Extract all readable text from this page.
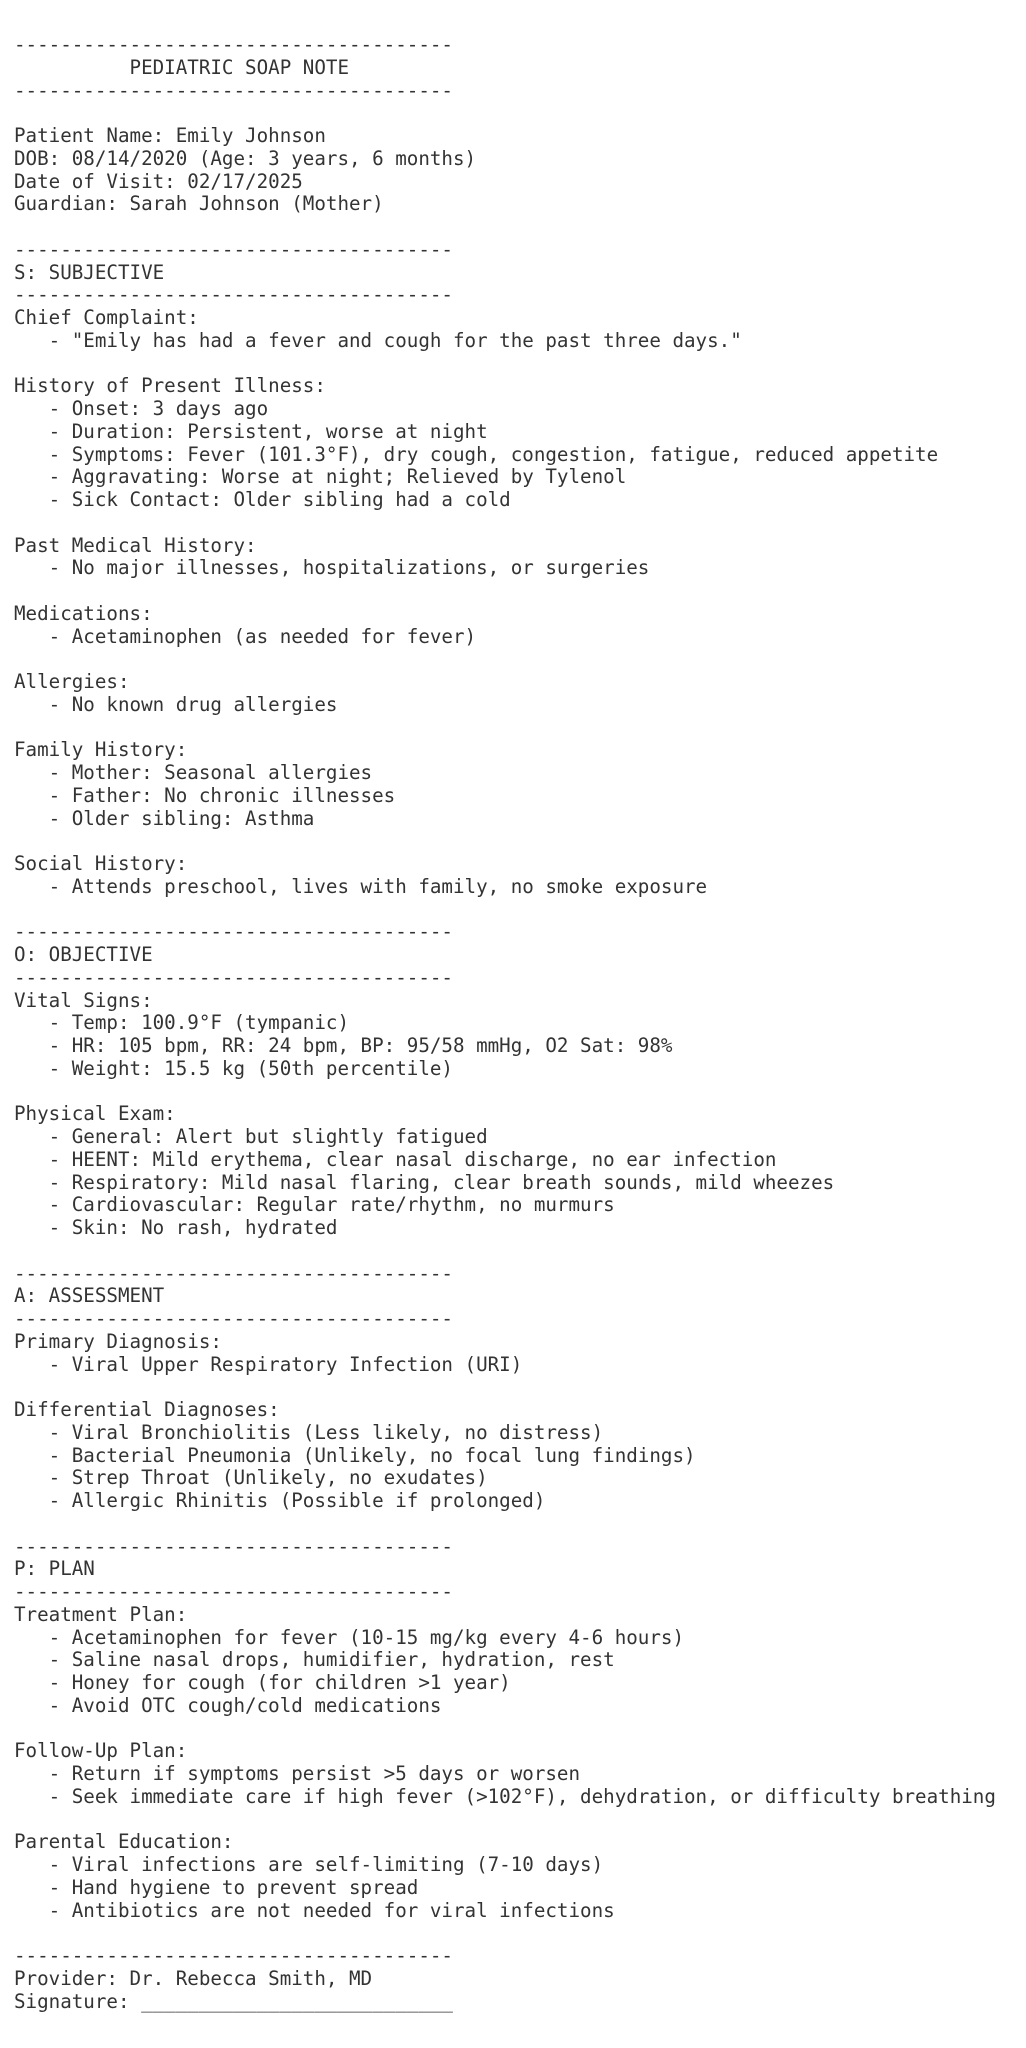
--------------------------------------
PEDIATRIC SOAP NOTE
--------------------------------------
Patient Name: Emily Johnson
DOB: 08/14/2020 (Age: 3 years, 6 months)
Date of Visit: 02/17/2025
Guardian: Sarah Johnson (Mother)
--------------------------------------
S: SUBJECTIVE
--------------------------------------
Chief Complaint:
- "Emily has had a fever and cough for the past three days."
History of Present Illness:
- Onset: 3 days ago
- Duration: Persistent, worse at night
- Symptoms: Fever (101.3°F), dry cough, congestion, fatigue, reduced appetite
- Aggravating: Worse at night; Relieved by Tylenol
- Sick Contact: Older sibling had a cold
Past Medical History:
- No major illnesses, hospitalizations, or surgeries
Medications:
- Acetaminophen (as needed for fever)
Allergies:
- No known drug allergies
Family History:
- Mother: Seasonal allergies
- Father: No chronic illnesses
- Older sibling: Asthma
Social History:
- Attends preschool, lives with family, no smoke exposure
--------------------------------------
O: OBJECTIVE
--------------------------------------
Vital Signs:
- Temp: 100.9°F (tympanic)
- HR: 105 bpm, RR: 24 bpm, BP: 95/58 mmHg, O2 Sat: 98%
- Weight: 15.5 kg (50th percentile)
Physical Exam:
- General: Alert but slightly fatigued
- HEENT: Mild erythema, clear nasal discharge, no ear infection
- Respiratory: Mild nasal flaring, clear breath sounds, mild wheezes
- Cardiovascular: Regular rate/rhythm, no murmurs
- Skin: No rash, hydrated
--------------------------------------
A: ASSESSMENT
--------------------------------------
Primary Diagnosis:
- Viral Upper Respiratory Infection (URI)
Differential Diagnoses:
- Viral Bronchiolitis (Less likely, no distress)
- Bacterial Pneumonia (Unlikely, no focal lung findings)
- Strep Throat (Unlikely, no exudates)
- Allergic Rhinitis (Possible if prolonged)
--------------------------------------
P: PLAN
--------------------------------------
Treatment Plan:
- Acetaminophen for fever (10-15 mg/kg every 4-6 hours)
- Saline nasal drops, humidifier, hydration, rest
- Honey for cough (for children >1 year)
- Avoid OTC cough/cold medications
Follow-Up Plan:
- Return if symptoms persist >5 days or worsen
- Seek immediate care if high fever (>102°F), dehydration, or difficulty breathing
Parental Education:
- Viral infections are self-limiting (7-10 days)
- Hand hygiene to prevent spread
- Antibiotics are not needed for viral infections
--------------------------------------
Provider: Dr. Rebecca Smith, MD
Signature: ___________________________
